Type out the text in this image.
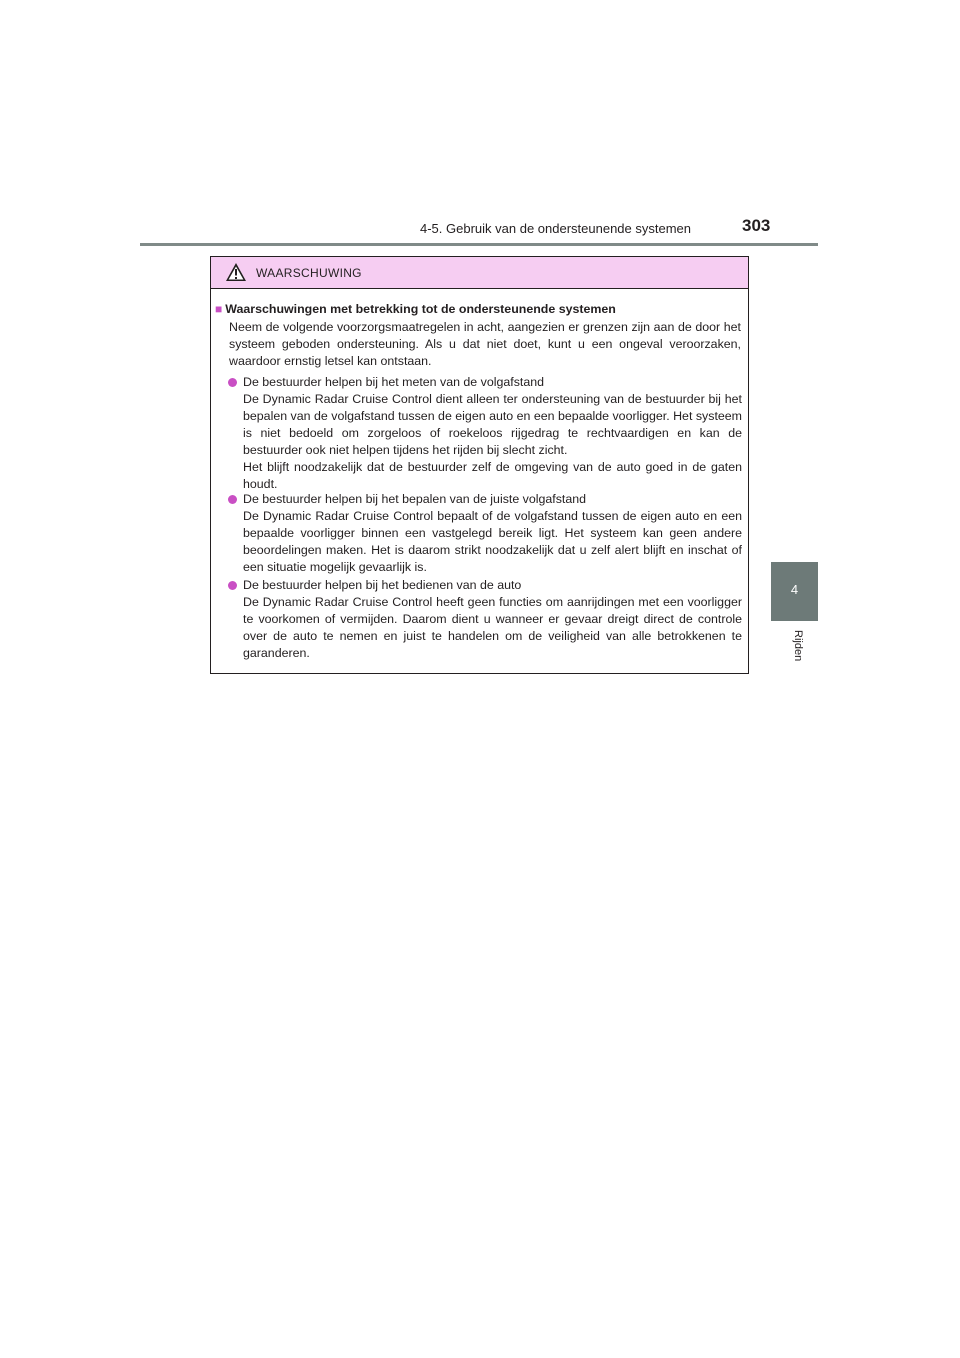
4-5. Gebruik van de ondersteunende systemen	303
4
Rijden
WAARSCHUWING
■ Waarschuwingen met betrekking tot de ondersteunende systemen
Neem de volgende voorzorgsmaatregelen in acht, aangezien er grenzen zijn aan de door het systeem geboden ondersteuning. Als u dat niet doet, kunt u een ongeval veroorzaken, waardoor ernstig letsel kan ontstaan.
De bestuurder helpen bij het meten van de volgafstand
De Dynamic Radar Cruise Control dient alleen ter ondersteuning van de bestuurder bij het bepalen van de volgafstand tussen de eigen auto en een bepaalde voorligger. Het systeem is niet bedoeld om zorgeloos of roekeloos rijgedrag te rechtvaardigen en kan de bestuurder ook niet helpen tijdens het rijden bij slecht zicht.
Het blijft noodzakelijk dat de bestuurder zelf de omgeving van de auto goed in de gaten houdt.
De bestuurder helpen bij het bepalen van de juiste volgafstand
De Dynamic Radar Cruise Control bepaalt of de volgafstand tussen de eigen auto en een bepaalde voorligger binnen een vastgelegd bereik ligt. Het systeem kan geen andere beoordelingen maken. Het is daarom strikt noodzakelijk dat u zelf alert blijft en inschat of een situatie mogelijk gevaarlijk is.
De bestuurder helpen bij het bedienen van de auto
De Dynamic Radar Cruise Control heeft geen functies om aanrijdingen met een voorligger te voorkomen of vermijden. Daarom dient u wanneer er gevaar dreigt direct de controle over de auto te nemen en juist te handelen om de veiligheid van alle betrokkenen te garanderen.
